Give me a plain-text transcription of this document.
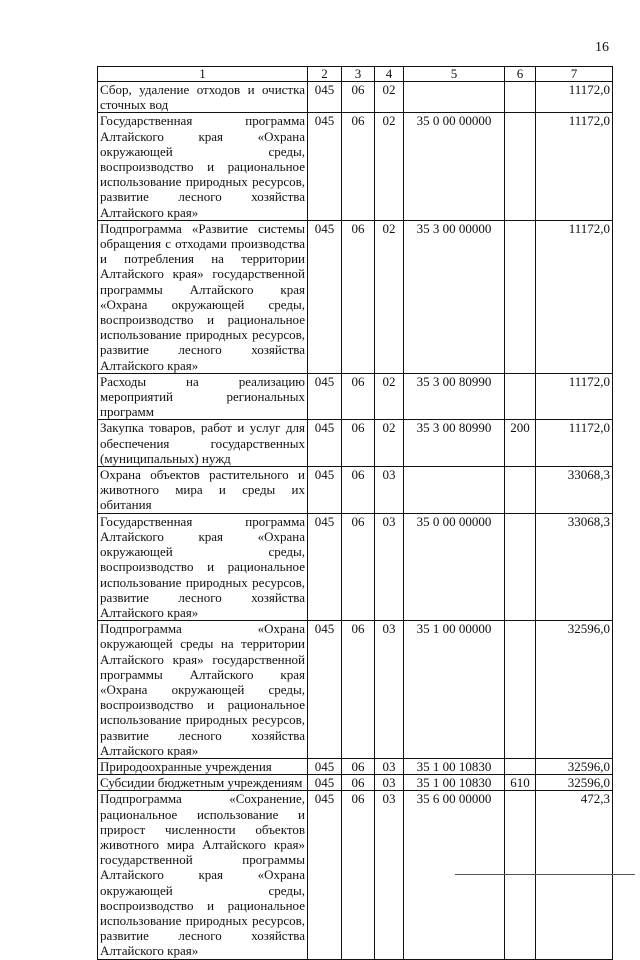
16
1	2	3	4	5	6	7
Сбор, удаление отходов и очистка сточных вод	045	06	02			11172,0
Государственная программа Алтайского края «Охрана окружающей среды, воспроизводство и рациональное использование природных ресурсов, развитие лесного хозяйства Алтайского края»	045	06	02	35 0 00 00000		11172,0
Подпрограмма «Развитие системы обращения с отходами производства и потребления на территории Алтайского края» государственной программы Алтайского края «Охрана окружающей среды, воспроизводство и рациональное использование природных ресурсов, развитие лесного хозяйства Алтайского края»	045	06	02	35 3 00 00000		11172,0
Расходы на реализацию мероприятий региональных программ	045	06	02	35 3 00 80990		11172,0
Закупка товаров, работ и услуг для обеспечения государственных (муниципальных) нужд	045	06	02	35 3 00 80990	200	11172,0
Охрана объектов растительного и животного мира и среды их обитания	045	06	03			33068,3
Государственная программа Алтайского края «Охрана окружающей среды, воспроизводство и рациональное использование природных ресурсов, развитие лесного хозяйства Алтайского края»	045	06	03	35 0 00 00000		33068,3
Подпрограмма «Охрана окружающей среды на территории Алтайского края» государственной программы Алтайского края «Охрана окружающей среды, воспроизводство и рациональное использование природных ресурсов, развитие лесного хозяйства Алтайского края»	045	06	03	35 1 00 00000		32596,0
Природоохранные учреждения	045	06	03	35 1 00 10830		32596,0
Субсидии бюджетным учреждениям	045	06	03	35 1 00 10830	610	32596,0
Подпрограмма «Сохранение, рациональное использование и прирост численности объектов животного мира Алтайского края» государственной программы Алтайского края «Охрана окружающей среды, воспроизводство и рациональное использование природных ресурсов, развитие лесного хозяйства Алтайского края»	045	06	03	35 6 00 00000		472,3
